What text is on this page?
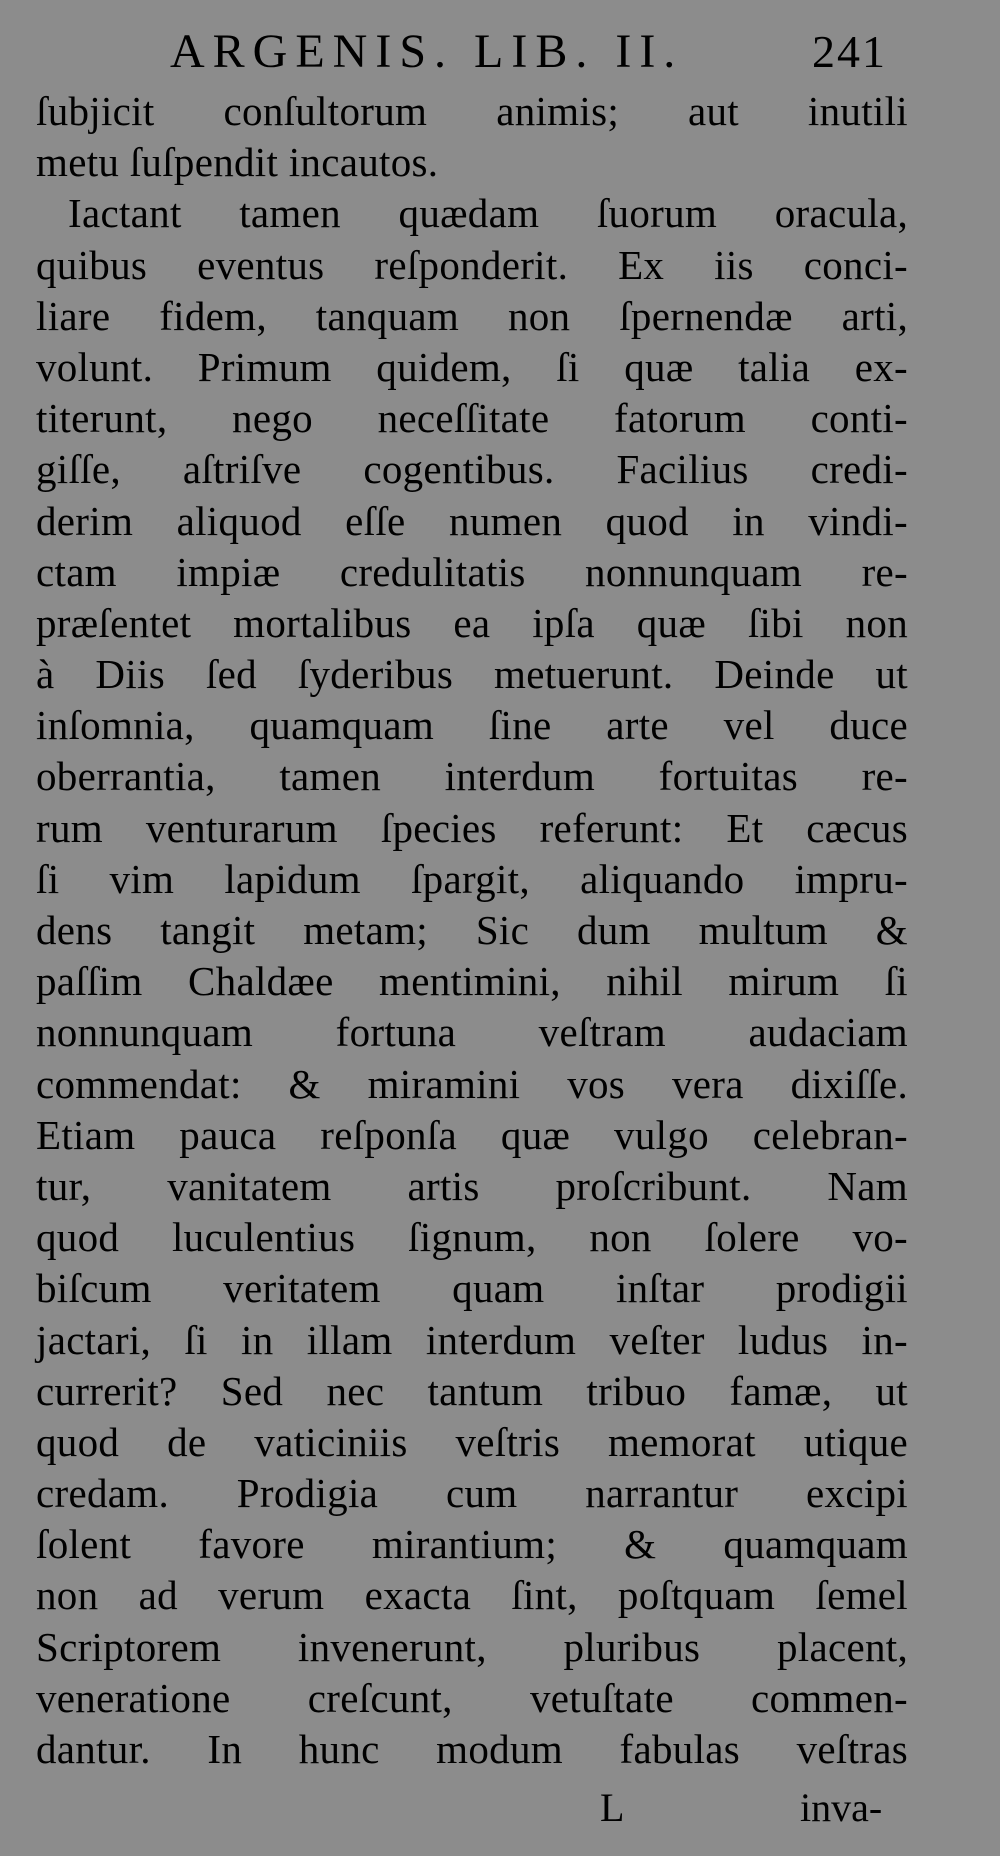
ARGENIS. LIB. II.	241
ſubjicit conſultorum animis; aut inutili
metu ſuſpendit incautos.
Iactant tamen quædam ſuorum oracula,
quibus eventus reſponderit. Ex iis conci-
liare fidem, tanquam non ſpernendæ arti,
volunt. Primum quidem, ſi quæ talia ex-
titerunt, nego neceſſitate fatorum conti-
giſſe, aſtriſve cogentibus. Facilius credi-
derim aliquod eſſe numen quod in vindi-
ctam impiæ credulitatis nonnunquam re-
præſentet mortalibus ea ipſa quæ ſibi non
à Diis ſed ſyderibus metuerunt. Deinde ut
inſomnia, quamquam ſine arte vel duce
oberrantia, tamen interdum fortuitas re-
rum venturarum ſpecies referunt: Et cæcus
ſi vim lapidum ſpargit, aliquando impru-
dens tangit metam; Sic dum multum &
paſſim Chaldæe mentimini, nihil mirum ſi
nonnunquam fortuna veſtram audaciam
commendat: & miramini vos vera dixiſſe.
Etiam pauca reſponſa quæ vulgo celebran-
tur, vanitatem artis proſcribunt. Nam
quod luculentius ſignum, non ſolere vo-
biſcum veritatem quam inſtar prodigii
jactari, ſi in illam interdum veſter ludus in-
currerit? Sed nec tantum tribuo famæ, ut
quod de vaticiniis veſtris memorat utique
credam. Prodigia cum narrantur excipi
ſolent favore mirantium; & quamquam
non ad verum exacta ſint, poſtquam ſemel
Scriptorem invenerunt, pluribus placent,
veneratione creſcunt, vetuſtate commen-
dantur. In hunc modum fabulas veſtras
L	inva-
